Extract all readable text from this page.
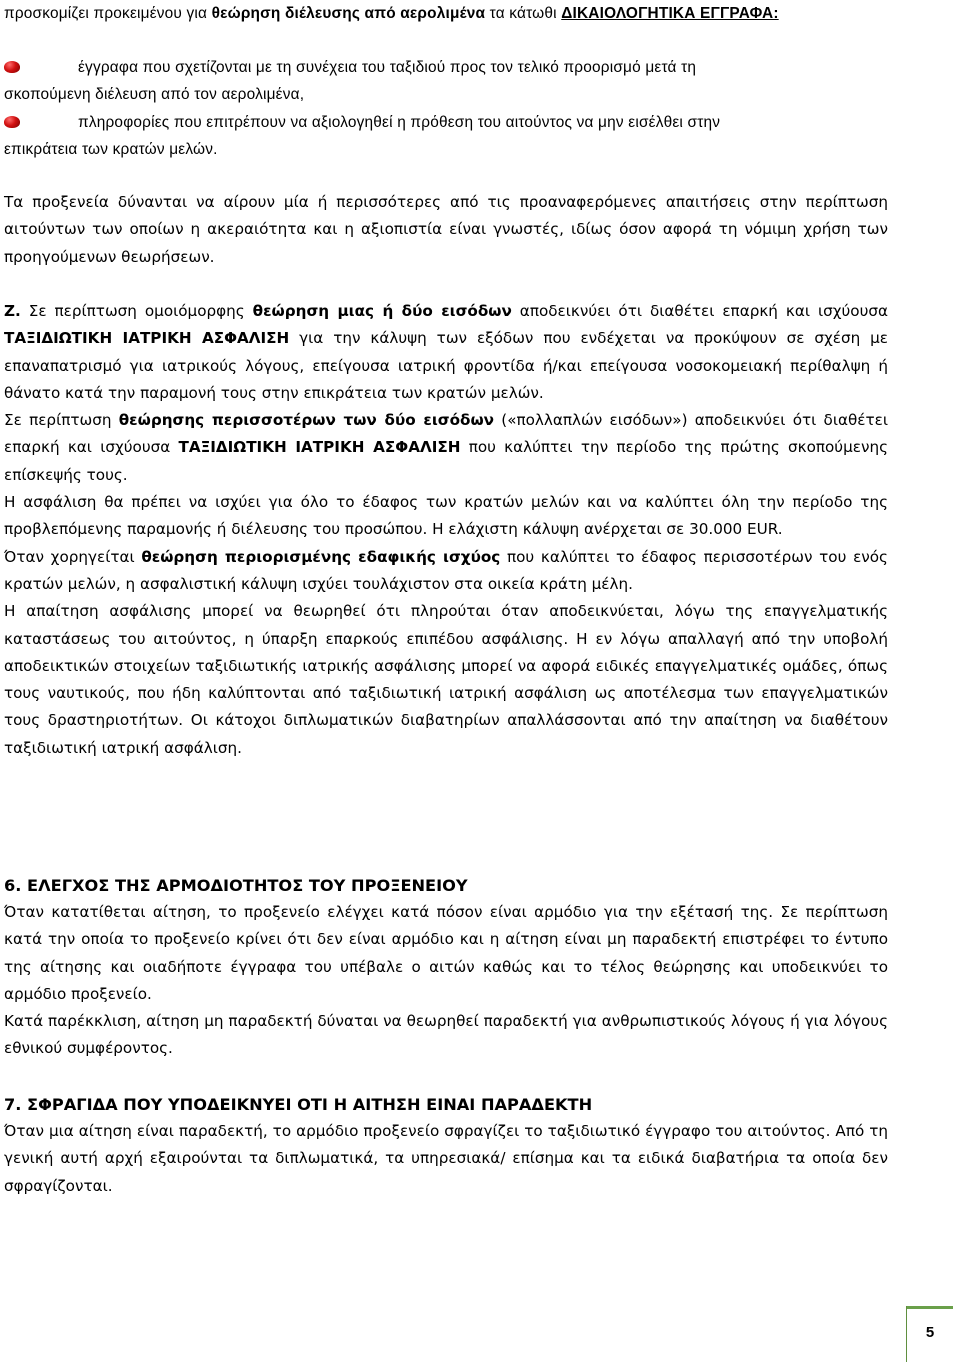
προσκομίζει προκειμένου για θεώρηση διέλευσης από αερολιμένα τα κάτωθι ΔΙΚΑΙΟΛΟΓΗΤΙΚΑ ΕΓΓΡΑΦΑ:

έγγραφα που σχετίζονται με τη συνέχεια του ταξιδιού προς τον τελικό προορισμό μετά τη
σκοπούμενη διέλευση από τον αερολιμένα,

πληροφορίες που επιτρέπουν να αξιολογηθεί η πρόθεση του αιτούντος να μην εισέλθει στην
επικράτεια των κρατών μελών.

Τα προξενεία δύνανται να αίρουν μία ή περισσότερες από τις προαναφερόμενες απαιτήσεις στην περίπτωση αιτούντων των οποίων η ακεραιότητα και η αξιοπιστία είναι γνωστές, ιδίως όσον αφορά τη νόμιμη χρήση των προηγούμενων θεωρήσεων.

Ζ. Σε περίπτωση ομοιόμορφης θεώρηση μιας ή δύο εισόδων αποδεικνύει ότι διαθέτει επαρκή και ισχύουσα ΤΑΞΙΔΙΩΤΙΚΗ ΙΑΤΡΙΚΗ ΑΣΦΑΛΙΣΗ για την κάλυψη των εξόδων που ενδέχεται να προκύψουν σε σχέση με επαναπατρισμό για ιατρικούς λόγους, επείγουσα ιατρική φροντίδα ή/και επείγουσα νοσοκομειακή περίθαλψη ή θάνατο κατά την παραμονή τους στην επικράτεια των κρατών μελών.

Σε περίπτωση θεώρησης περισσοτέρων των δύο εισόδων («πολλαπλών εισόδων») αποδεικνύει ότι διαθέτει επαρκή και ισχύουσα ΤΑΞΙΔΙΩΤΙΚΗ ΙΑΤΡΙΚΗ ΑΣΦΑΛΙΣΗ που καλύπτει την περίοδο της πρώτης σκοπούμενης επίσκεψής τους.

Η ασφάλιση θα πρέπει να ισχύει για όλο το έδαφος των κρατών μελών και να καλύπτει όλη την περίοδο της προβλεπόμενης παραμονής ή διέλευσης του προσώπου. Η ελάχιστη κάλυψη ανέρχεται σε 30.000 EUR.

Όταν χορηγείται θεώρηση περιορισμένης εδαφικής ισχύος που καλύπτει το έδαφος περισσοτέρων του ενός κρατών μελών, η ασφαλιστική κάλυψη ισχύει τουλάχιστον στα οικεία κράτη μέλη.

Η απαίτηση ασφάλισης μπορεί να θεωρηθεί ότι πληρούται όταν αποδεικνύεται, λόγω της επαγγελματικής καταστάσεως του αιτούντος, η ύπαρξη επαρκούς επιπέδου ασφάλισης. Η εν λόγω απαλλαγή από την υποβολή αποδεικτικών στοιχείων ταξιδιωτικής ιατρικής ασφάλισης μπορεί να αφορά ειδικές επαγγελματικές ομάδες, όπως τους ναυτικούς, που ήδη καλύπτονται από ταξιδιωτική ιατρική ασφάλιση ως αποτέλεσμα των επαγγελματικών τους δραστηριοτήτων. Οι κάτοχοι διπλωματικών διαβατηρίων απαλλάσσονται από την απαίτηση να διαθέτουν ταξιδιωτική ιατρική ασφάλιση.

6. ΕΛΕΓΧΟΣ ΤΗΣ ΑΡΜΟΔΙΟΤΗΤΟΣ ΤΟΥ ΠΡΟΞΕΝΕΙΟΥ

Όταν κατατίθεται αίτηση, το προξενείο ελέγχει κατά πόσον είναι αρμόδιο για την εξέτασή της. Σε περίπτωση κατά την οποία το προξενείο κρίνει ότι δεν είναι αρμόδιο και η αίτηση είναι μη παραδεκτή επιστρέφει το έντυπο της αίτησης και οιαδήποτε έγγραφα του υπέβαλε ο αιτών καθώς και το τέλος θεώρησης και υποδεικνύει το αρμόδιο προξενείο.

Κατά παρέκκλιση, αίτηση μη παραδεκτή δύναται να θεωρηθεί παραδεκτή για ανθρωπιστικούς λόγους ή για λόγους εθνικού συμφέροντος.

7. ΣΦΡΑΓΙΔΑ ΠΟΥ ΥΠΟΔΕΙΚΝΥΕΙ ΟΤΙ Η ΑΙΤΗΣΗ ΕΙΝΑΙ ΠΑΡΑΔΕΚΤΗ

Όταν μια αίτηση είναι παραδεκτή, το αρμόδιο προξενείο σφραγίζει το ταξιδιωτικό έγγραφο του αιτούντος. Από τη γενική αυτή αρχή εξαιρούνται τα διπλωματικά, τα υπηρεσιακά/ επίσημα και τα ειδικά διαβατήρια τα οποία δεν σφραγίζονται.

5
